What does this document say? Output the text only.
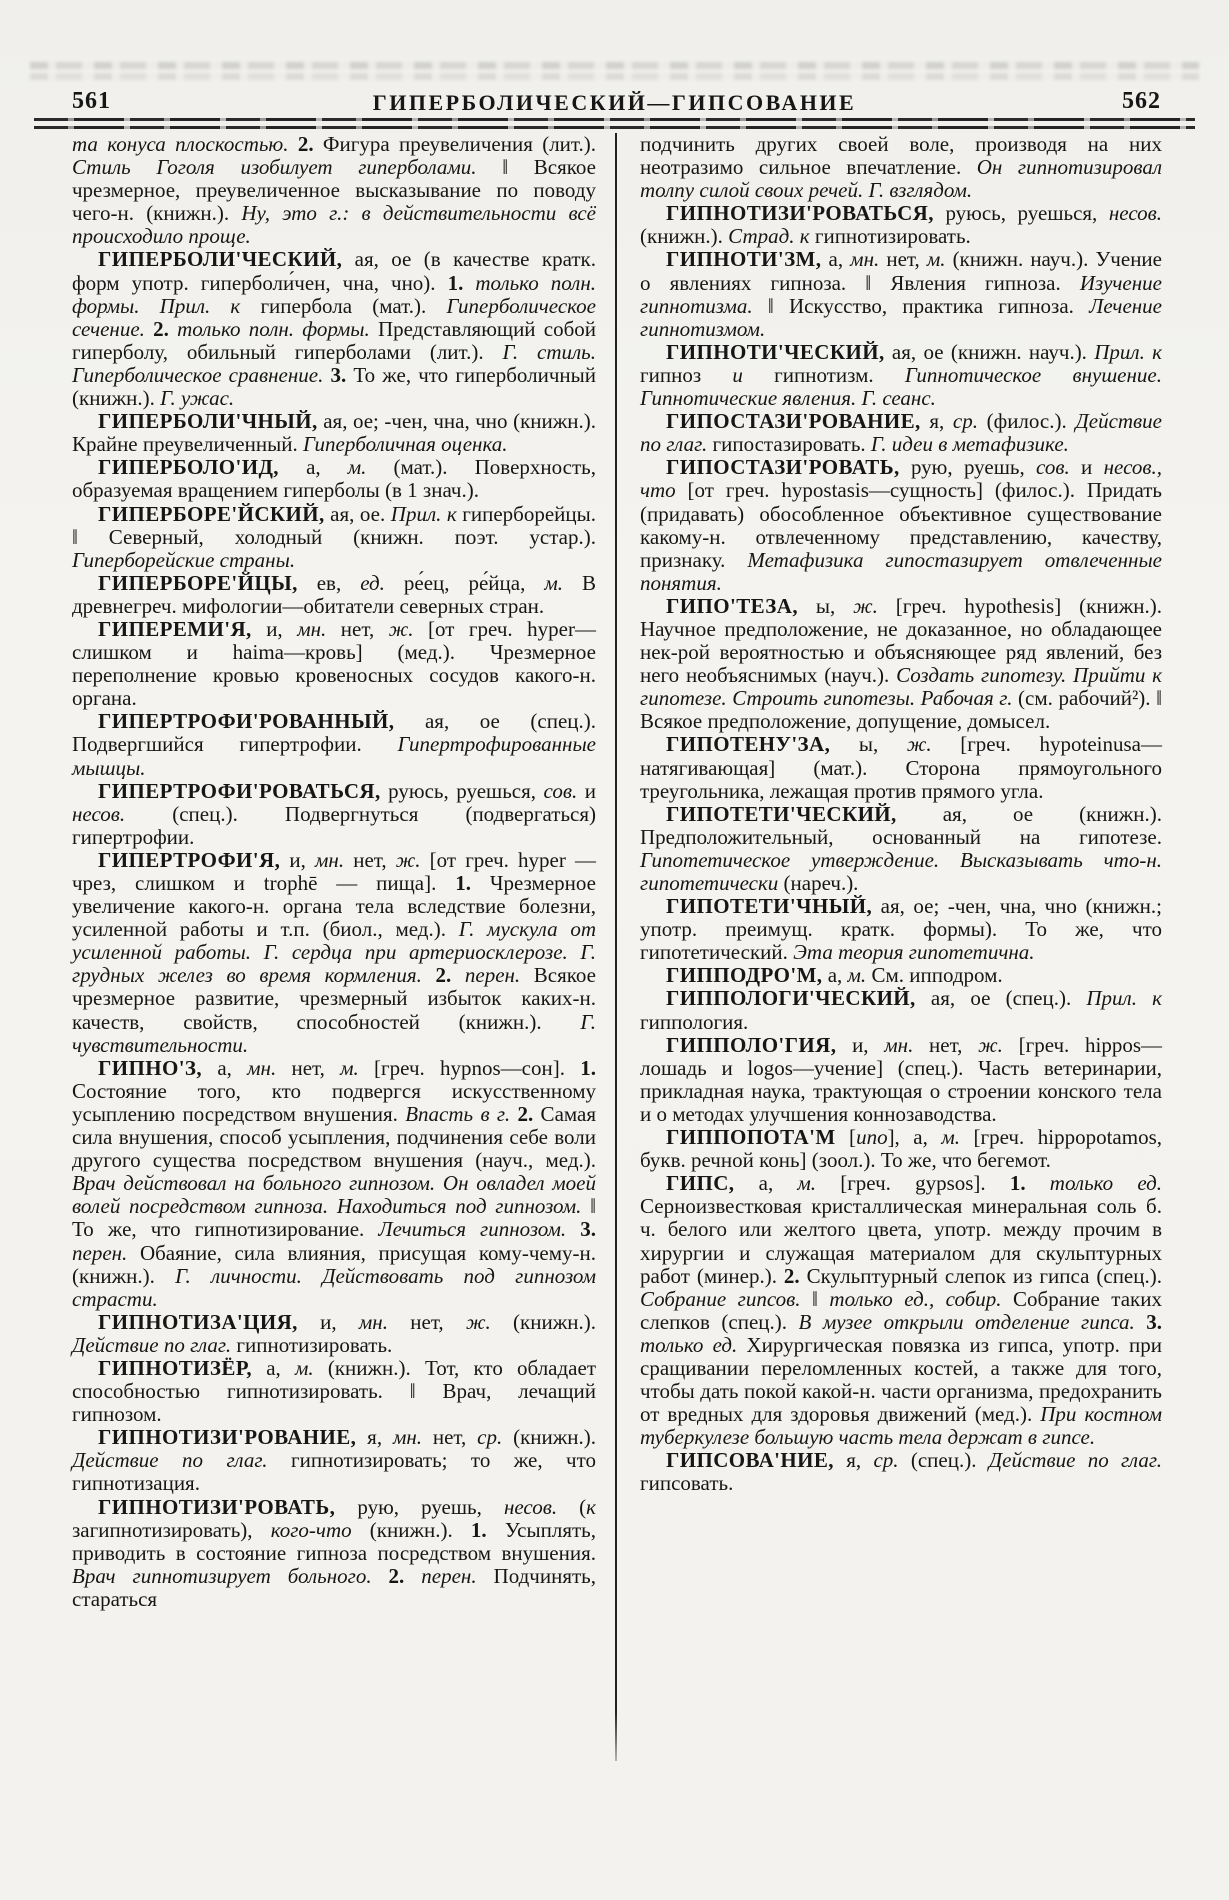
561	ГИПЕРБОЛИЧЕСКИЙ—ГИПСОВАНИЕ	562

та конуса плоскостью. 2. Фигура преувеличения (лит.). Стиль Гоголя изобилует гиперболами. ‖ Всякое чрезмерное, преувеличенное высказывание по поводу чего-н. (книжн.). Ну, это г.: в действительности всё происходило проще.

ГИПЕРБОЛИ'ЧЕСКИЙ, ая, ое (в качестве кратк. форм употр. гиперболи́чен, чна, чно). 1. только полн. формы. Прил. к гипербола (мат.). Гиперболическое сечение. 2. только полн. формы. Представляющий собой гиперболу, обильный гиперболами (лит.). Г. стиль. Гиперболическое сравнение. 3. То же, что гиперболичный (книжн.). Г. ужас.

ГИПЕРБОЛИ'ЧНЫЙ, ая, ое; -чен, чна, чно (книжн.). Крайне преувеличенный. Гиперболичная оценка.

ГИПЕРБОЛО'ИД, а, м. (мат.). Поверхность, образуемая вращением гиперболы (в 1 знач.).

ГИПЕРБОРЕ'ЙСКИЙ, ая, ое. Прил. к гиперборейцы. ‖ Северный, холодный (книжн. поэт. устар.). Гиперборейские страны.

ГИПЕРБОРЕ'ЙЦЫ, ев, ед. ре́ец, ре́йца, м. В древнегреч. мифологии—обитатели северных стран.

ГИПЕРЕМИ'Я, и, мн. нет, ж. [от греч. hyper—слишком и haima—кровь] (мед.). Чрезмерное переполнение кровью кровеносных сосудов какого-н. органа.

ГИПЕРТРОФИ'РОВАННЫЙ, ая, ое (спец.). Подвергшийся гипертрофии. Гипертрофированные мышцы.

ГИПЕРТРОФИ'РОВАТЬСЯ, руюсь, руешься, сов. и несов. (спец.). Подвергнуться (подвергаться) гипертрофии.

ГИПЕРТРОФИ'Я, и, мн. нет, ж. [от греч. hyper — чрез, слишком и trophē — пища]. 1. Чрезмерное увеличение какого-н. органа тела вследствие болезни, усиленной работы и т.п. (биол., мед.). Г. мускула от усиленной работы. Г. сердца при артериосклерозе. Г. грудных желез во время кормления. 2. перен. Всякое чрезмерное развитие, чрезмерный избыток каких-н. качеств, свойств, способностей (книжн.). Г. чувствительности.

ГИПНО'З, а, мн. нет, м. [греч. hypnos—сон]. 1. Состояние того, кто подвергся искусственному усыплению посредством внушения. Впасть в г. 2. Самая сила внушения, способ усыпления, подчинения себе воли другого существа посредством внушения (науч., мед.). Врач действовал на больного гипнозом. Он овладел моей волей посредством гипноза. Находиться под гипнозом. ‖ То же, что гипнотизирование. Лечиться гипнозом. 3. перен. Обаяние, сила влияния, присущая кому-чему-н. (книжн.). Г. личности. Действовать под гипнозом страсти.

ГИПНОТИЗА'ЦИЯ, и, мн. нет, ж. (книжн.). Действие по глаг. гипнотизировать.

ГИПНОТИЗЁР, а, м. (книжн.). Тот, кто обладает способностью гипнотизировать. ‖ Врач, лечащий гипнозом.

ГИПНОТИЗИ'РОВАНИЕ, я, мн. нет, ср. (книжн.). Действие по глаг. гипнотизировать; то же, что гипнотизация.

ГИПНОТИЗИ'РОВАТЬ, рую, руешь, несов. (к загипнотизировать), кого-что (книжн.). 1. Усыплять, приводить в состояние гипноза посредством внушения. Врач гипнотизирует больного. 2. перен. Подчинять, стараться

подчинить других своей воле, производя на них неотразимо сильное впечатление. Он гипнотизировал толпу силой своих речей. Г. взглядом.

ГИПНОТИЗИ'РОВАТЬСЯ, руюсь, руешься, несов. (книжн.). Страд. к гипнотизировать.

ГИПНОТИ'ЗМ, а, мн. нет, м. (книжн. науч.). Учение о явлениях гипноза. ‖ Явления гипноза. Изучение гипнотизма. ‖ Искусство, практика гипноза. Лечение гипнотизмом.

ГИПНОТИ'ЧЕСКИЙ, ая, ое (книжн. науч.). Прил. к гипноз и гипнотизм. Гипнотическое внушение. Гипнотические явления. Г. сеанс.

ГИПОСТАЗИ'РОВАНИЕ, я, ср. (филос.). Действие по глаг. гипостазировать. Г. идеи в метафизике.

ГИПОСТАЗИ'РОВАТЬ, рую, руешь, сов. и несов., что [от греч. hypostasis—сущность] (филос.). Придать (придавать) обособленное объективное существование какому-н. отвлеченному представлению, качеству, признаку. Метафизика гипостазирует отвлеченные понятия.

ГИПО'ТЕЗА, ы, ж. [греч. hypothesis] (книжн.). Научное предположение, не доказанное, но обладающее нек-рой вероятностью и объясняющее ряд явлений, без него необъяснимых (науч.). Создать гипотезу. Прийти к гипотезе. Строить гипотезы. Рабочая г. (см. рабочий²). ‖ Всякое предположение, допущение, домысел.

ГИПОТЕНУ'ЗА, ы, ж. [греч. hypoteinusa—натягивающая] (мат.). Сторона прямоугольного треугольника, лежащая против прямого угла.

ГИПОТЕТИ'ЧЕСКИЙ, ая, ое (книжн.). Предположительный, основанный на гипотезе. Гипотетическое утверждение. Высказывать что-н. гипотетически (нареч.).

ГИПОТЕТИ'ЧНЫЙ, ая, ое; -чен, чна, чно (книжн.; употр. преимущ. кратк. формы). То же, что гипотетический. Эта теория гипотетична.

ГИППОДРО'М, а, м. См. ипподром.

ГИППОЛОГИ'ЧЕСКИЙ, ая, ое (спец.). Прил. к гиппология.

ГИППОЛО'ГИЯ, и, мн. нет, ж. [греч. hippos—лошадь и logos—учение] (спец.). Часть ветеринарии, прикладная наука, трактующая о строении конского тела и о методах улучшения коннозаводства.

ГИППОПОТА'М [ипо], а, м. [греч. hippopotamos, букв. речной конь] (зоол.). То же, что бегемот.

ГИПС, а, м. [греч. gypsos]. 1. только ед. Серноизвестковая кристаллическая минеральная соль б. ч. белого или желтого цвета, употр. между прочим в хирургии и служащая материалом для скульптурных работ (минер.). 2. Скульптурный слепок из гипса (спец.). Собрание гипсов. ‖ только ед., собир. Собрание таких слепков (спец.). В музее открыли отделение гипса. 3. только ед. Хирургическая повязка из гипса, употр. при сращивании переломленных костей, а также для того, чтобы дать покой какой-н. части организма, предохранить от вредных для здоровья движений (мед.). При костном туберкулезе большую часть тела держат в гипсе.

ГИПСОВА'НИЕ, я, ср. (спец.). Действие по глаг. гипсовать.
